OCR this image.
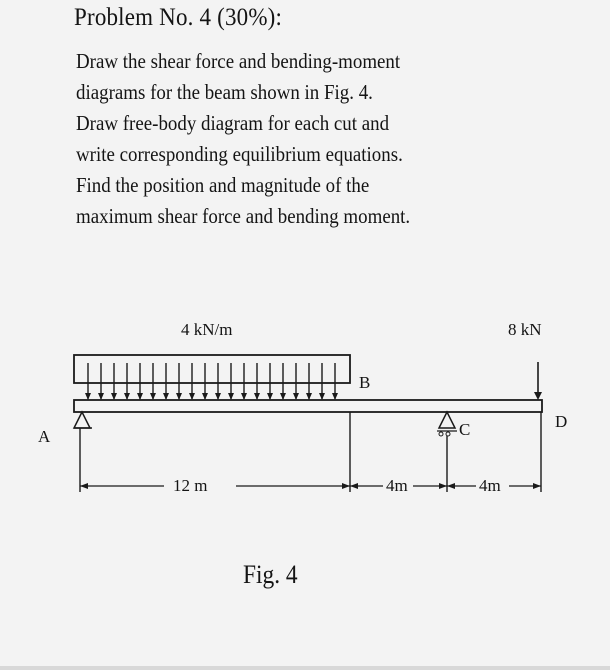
Problem No. 4 (30%):
Draw the shear force and bending-moment
diagrams for the beam shown in Fig. 4.
Draw free-body diagram for each cut and
write corresponding equilibrium equations.
Find the position and magnitude of the
maximum shear force and bending moment.
4 kN/m	8 kN
A
B
C	D
12 m	4m	4m
Fig. 4
